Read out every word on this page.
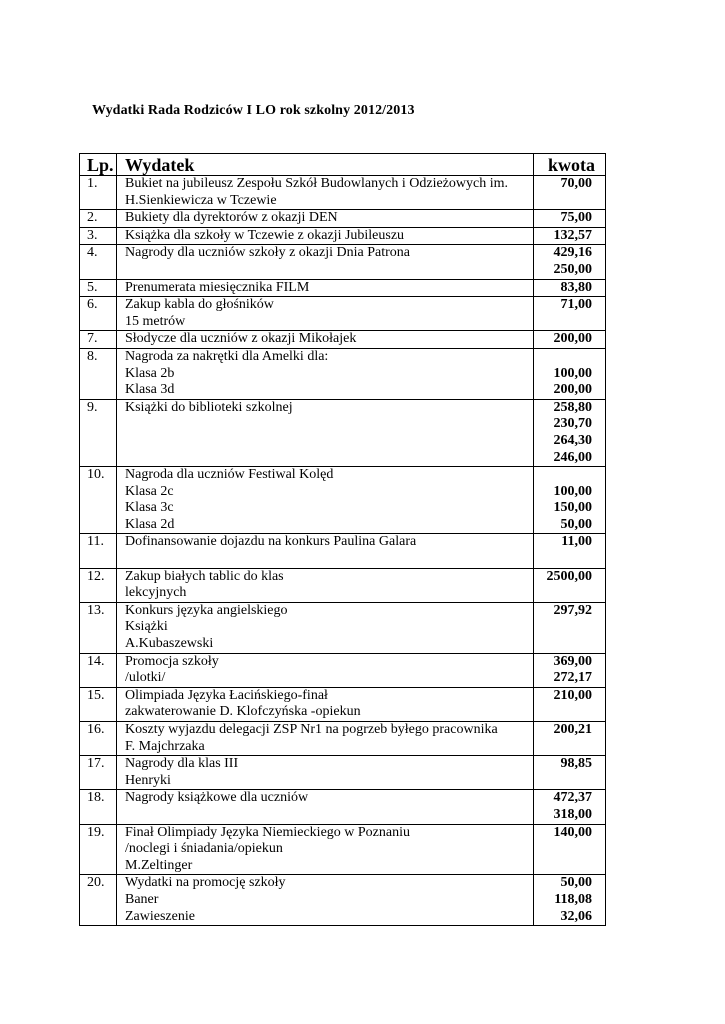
Wydatki Rada Rodziców I LO rok szkolny 2012/2013
Lp.	Wydatek	kwota
1.	Bukiet na jubileusz Zespołu Szkół Budowlanych i Odzieżowych im.
H.Sienkiewicza w Tczewie	70,00

2.	Bukiety dla dyrektorów z okazji DEN	75,00

3.	Książka dla szkoły w Tczewie z okazji Jubileuszu	132,57

4.	Nagrody dla uczniów szkoły z okazji Dnia Patrona	429,16
250,00

5.	Prenumerata miesięcznika FILM	83,80

6.	Zakup kabla do głośników
15 metrów	71,00

7.	Słodycze dla uczniów z okazji Mikołajek	200,00

8.	Nagroda za nakrętki dla Amelki dla:
Klasa 2b
Klasa 3d	100,00
200,00

9.	Książki do biblioteki szkolnej	258,80
230,70
264,30
246,00

10.	Nagroda dla uczniów Festiwal Kolęd
Klasa 2c
Klasa 3c
Klasa 2d	100,00
150,00
50,00

11.	Dofinansowanie dojazdu na konkurs Paulina Galara	11,00

12.	Zakup białych tablic do klas
lekcyjnych	2500,00

13.	Konkurs języka angielskiego
Książki
A.Kubaszewski	297,92

14.	Promocja szkoły
/ulotki/	369,00
272,17

15.	Olimpiada Języka Łacińskiego-finał
zakwaterowanie D. Klofczyńska -opiekun	210,00

16.	Koszty wyjazdu delegacji ZSP Nr1 na pogrzeb byłego pracownika
F. Majchrzaka	200,21

17.	Nagrody dla klas III
Henryki	98,85

18.	Nagrody książkowe dla uczniów	472,37
318,00

19.	Finał Olimpiady Języka Niemieckiego w Poznaniu
/noclegi i śniadania/opiekun
M.Zeltinger	140,00

20.	Wydatki na promocję szkoły
Baner
Zawieszenie	50,00
118,08
32,06
